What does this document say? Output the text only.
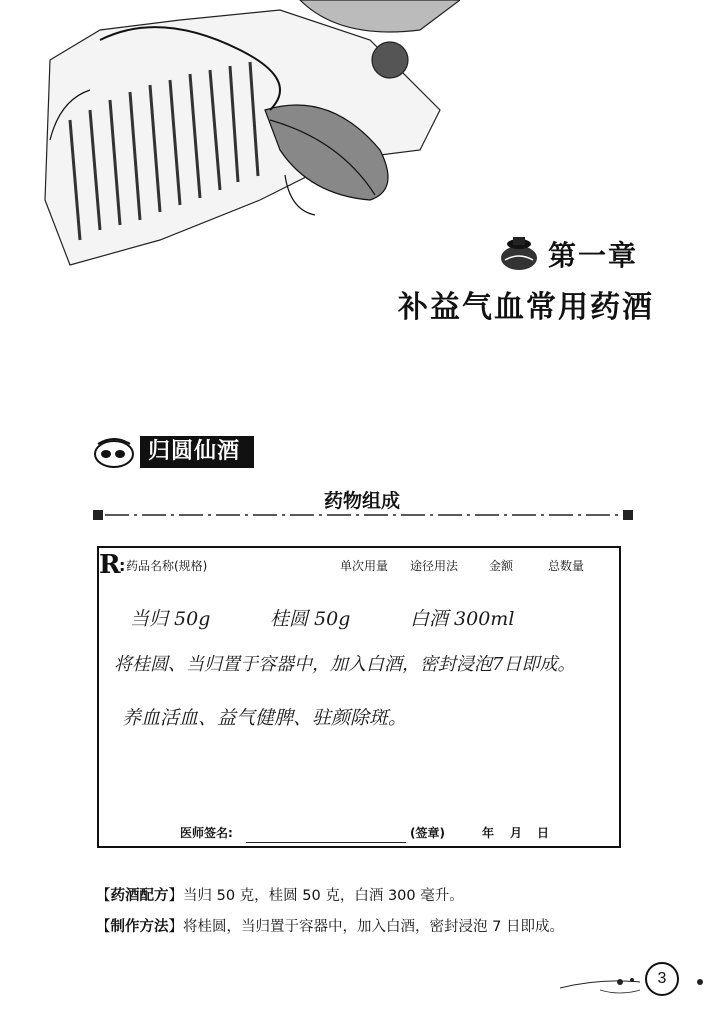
第一章
补益气血常用药酒
归圆仙酒
药物组成
R
: 药品名称(规格)	单次用量 途径用法	金额	总数量
当归 50g	桂圆 50g	白酒 300ml
将桂圆、当归置于容器中，加入白酒，密封浸泡7日即成。
养血活血、益气健脾、驻颜除斑。
医师签名:	(签章)	年 月 日
【药酒配方】当归 50 克，桂圆 50 克，白酒 300 毫升。
【制作方法】将桂圆，当归置于容器中，加入白酒，密封浸泡 7 日即成。
3
